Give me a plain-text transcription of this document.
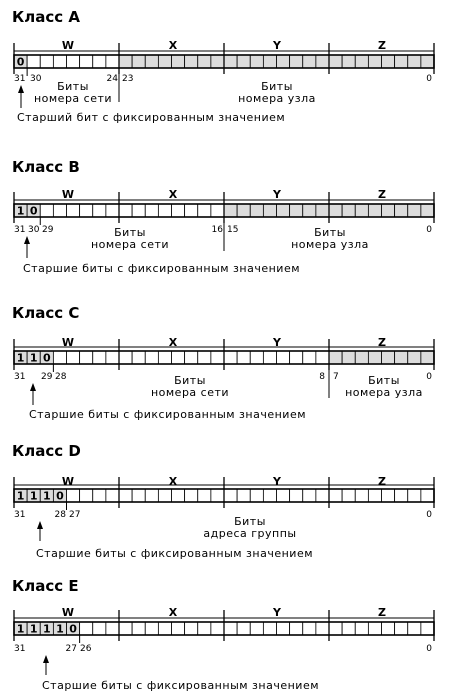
Класс A
W	X	Y	Z
0
31 30	24 23	0
Биты
номера сети
Биты
номера узла
Старший бит с фиксированным значением
Класс B
W	X	Y	Z
1 0
31 30 29	16 15	0
Биты
номера сети
Биты
номера узла
Старшие биты с фиксированным значением
Класс C
W	X	Y	Z
1 1 0
31 29 28	8 7	0
Биты
номера сети
Биты
номера узла
Старшие биты с фиксированным значением
Класс D
W	X	Y	Z
1 1 1 0
31	28 27	0
Биты
адреса группы
Старшие биты с фиксированным значением
Класс E
W	X	Y	Z
1 1 1 1 0
31	27 26	0
Старшие биты с фиксированным значением
